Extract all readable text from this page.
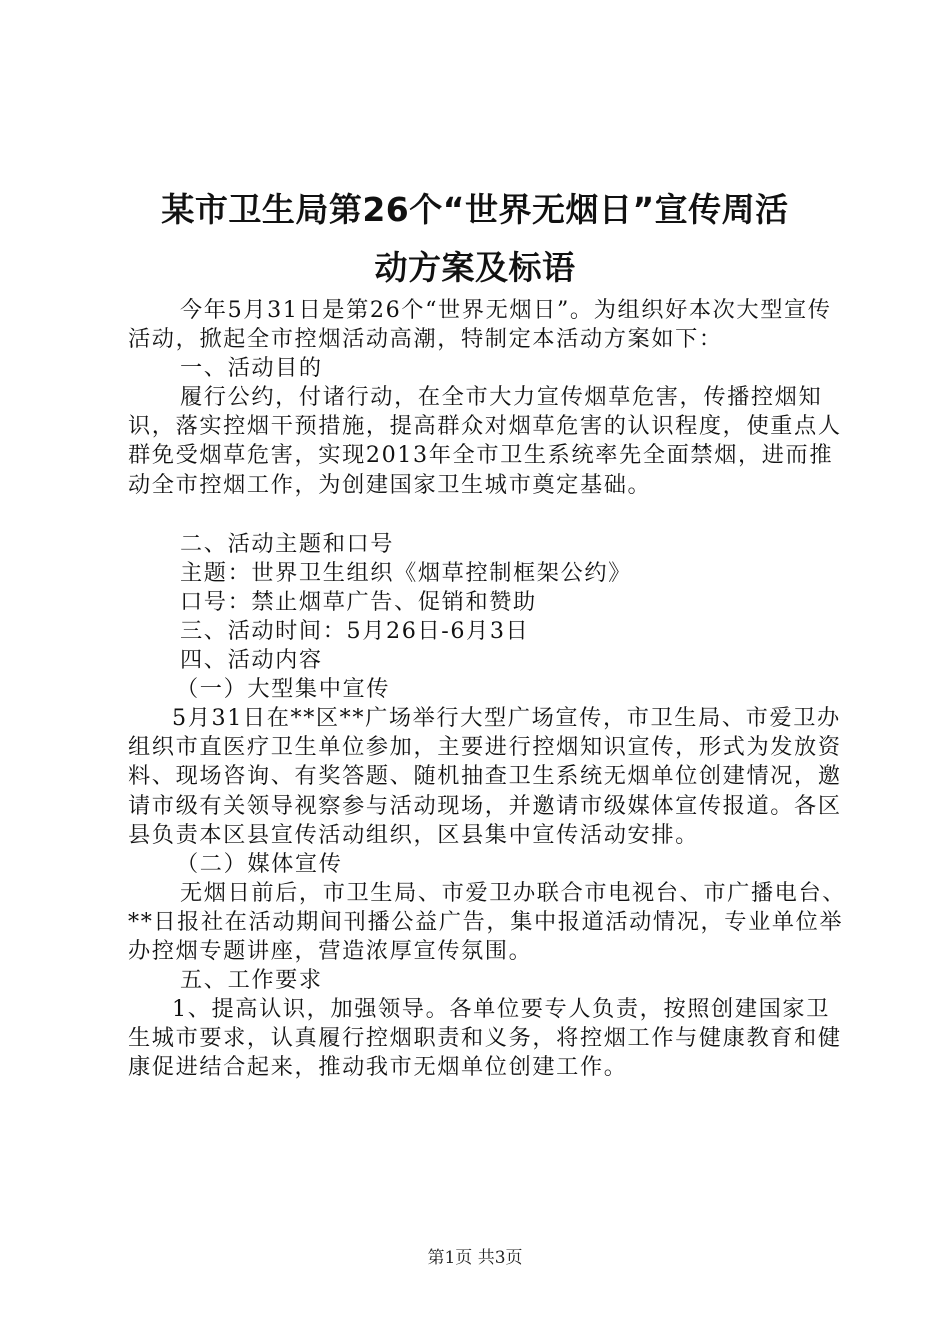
某市卫生局第26个“世界无烟日”宣传周活
动方案及标语

今年5月31日是第26个“世界无烟日”。为组织好本次大型宣传活动，掀起全市控烟活动高潮，特制定本活动方案如下：

一、活动目的

履行公约，付诸行动，在全市大力宣传烟草危害，传播控烟知识，落实控烟干预措施，提高群众对烟草危害的认识程度，使重点人群免受烟草危害，实现2013年全市卫生系统率先全面禁烟，进而推动全市控烟工作，为创建国家卫生城市奠定基础。

二、活动主题和口号

主题：世界卫生组织《烟草控制框架公约》

口号：禁止烟草广告、促销和赞助

三、活动时间：5月26日-6月3日

四、活动内容

（一）大型集中宣传

5月31日在**区**广场举行大型广场宣传，市卫生局、市爱卫办组织市直医疗卫生单位参加，主要进行控烟知识宣传，形式为发放资料、现场咨询、有奖答题、随机抽查卫生系统无烟单位创建情况，邀请市级有关领导视察参与活动现场，并邀请市级媒体宣传报道。各区县负责本区县宣传活动组织，区县集中宣传活动安排。

（二）媒体宣传

无烟日前后，市卫生局、市爱卫办联合市电视台、市广播电台、**日报社在活动期间刊播公益广告，集中报道活动情况，专业单位举办控烟专题讲座，营造浓厚宣传氛围。

五、工作要求

1、提高认识，加强领导。各单位要专人负责，按照创建国家卫生城市要求，认真履行控烟职责和义务，将控烟工作与健康教育和健康促进结合起来，推动我市无烟单位创建工作。

第1页 共3页
